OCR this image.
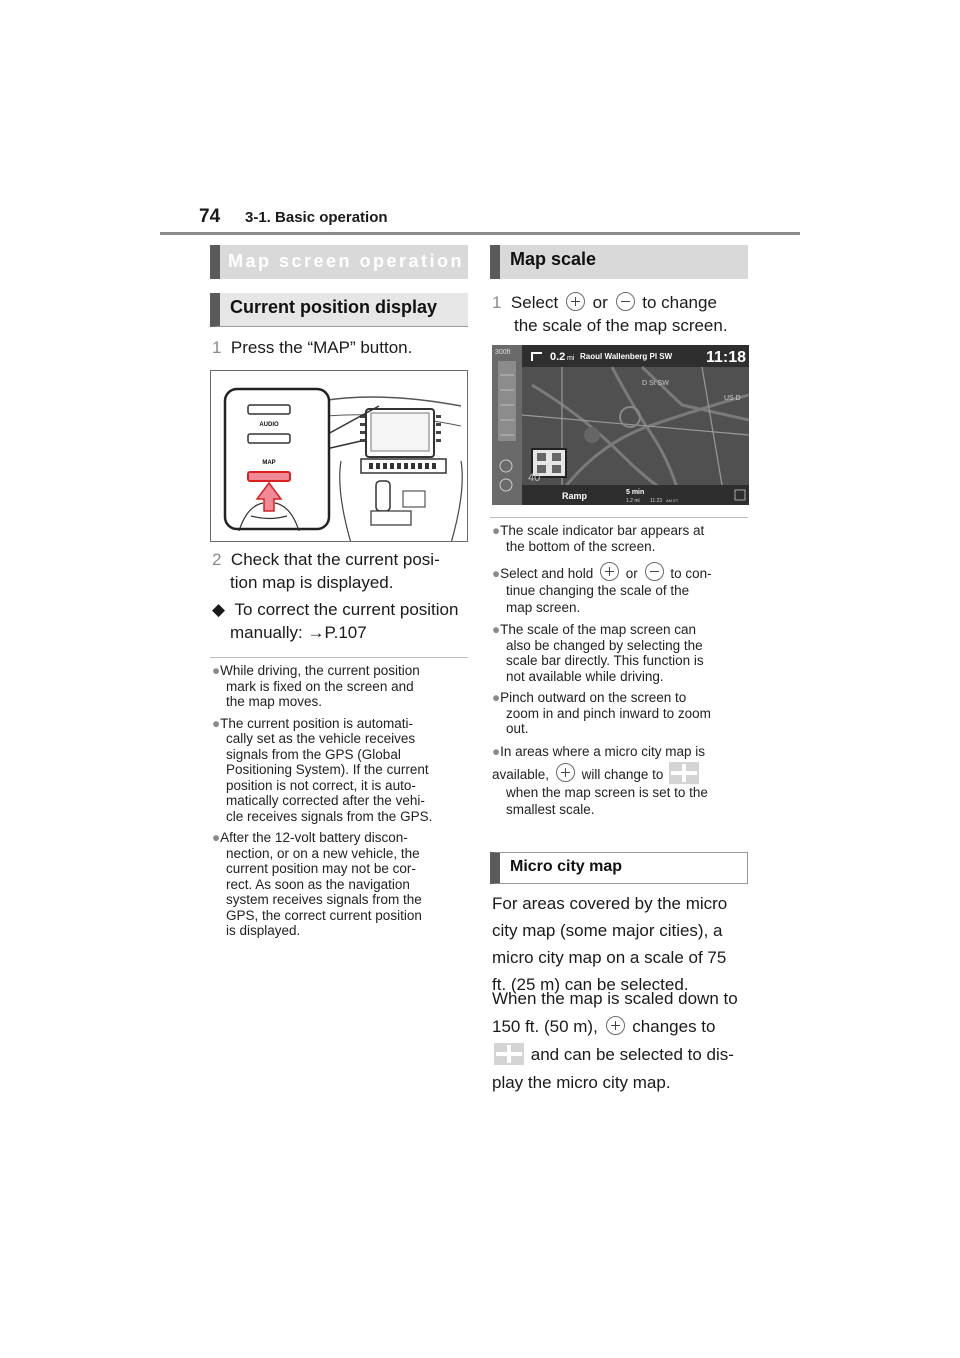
74 3-1. Basic operation
Map screen operation
Current position display
1 Press the “MAP” button.
AUDIO
MAP
2 Check that the current posi-
tion map is displayed.
◆ To correct the current position
manually: →P.107
●While driving, the current position
mark is fixed on the screen and
the map moves.
●The current position is automati-
cally set as the vehicle receives
signals from the GPS (Global
Positioning System). If the current
position is not correct, it is auto-
matically corrected after the vehi-
cle receives signals from the GPS.
●After the 12-volt battery discon-
nection, or on a new vehicle, the
current position may not be cor-
rect. As soon as the navigation
system receives signals from the
GPS, the correct current position
is displayed.
Map scale
1 Select or to change
the scale of the map screen.
300ft	0.2 mi Raoul Wallenberg Pl SW 11:18
D St SW
US D
40
Ramp	5 min
1.2 mi 11:23 AM ET
●The scale indicator bar appears at
the bottom of the screen.
●Select and hold or to con-
tinue changing the scale of the
map screen.
●The scale of the map screen can
also be changed by selecting the
scale bar directly. This function is
not available while driving.
●Pinch outward on the screen to
zoom in and pinch inward to zoom
out.
●In areas where a micro city map is
available, will change to

when the map screen is set to the
smallest scale.
Micro city map
For areas covered by the micro
city map (some major cities), a
micro city map on a scale of 75
ft. (25 m) can be selected.
When the map is scaled down to
150 ft. (50 m), changes to

and can be selected to dis-
play the micro city map.
